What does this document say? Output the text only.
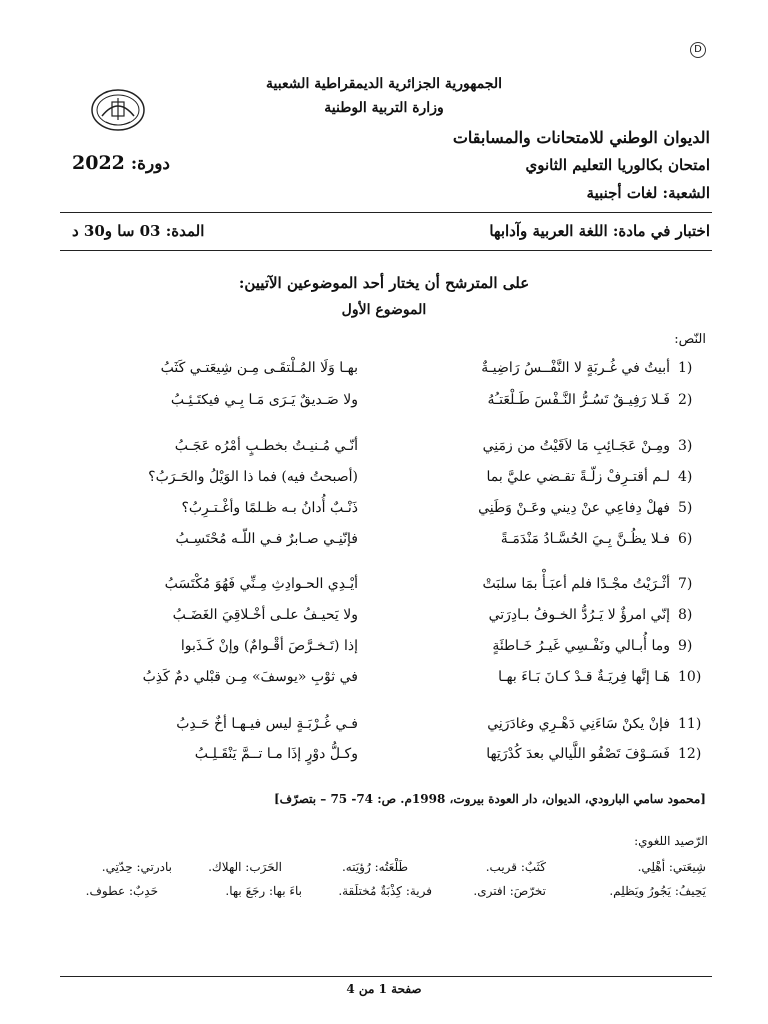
D
الجمهورية الجزائرية الديمقراطية الشعبية
وزارة التربية الوطنية
الديوان الوطني للامتحانات والمسابقات
امتحان بكالوريا التعليم الثانوي
الشعبة: لغات أجنبية
دورة: 2022
اختبار في مادة: اللغة العربية وآدابها
المدة: 03 سا و30 د
على المترشح أن يختار أحد الموضوعين الآتيين:
الموضوع الأول
النّص:
1)
أبيتُ في غُـربَةٍ لا النَّفْــسُ رَاضِيـةٌ
بهـا وَلَا المُـلْتقَـى مِـن شِيعَتـي كَثَبُ
2)
فَـلا رَفِيـقٌ تَسُـرُّ النَّـفْسَ طَـلْعَتـُهُ
ولا صَـديقٌ يَـرَى مَـا بِـي فيكتَـئِـبُ
3)
ومِـنْ عَجَـائِبِ مَا لاَقَيْتُ من زمَنِي
أنّـي مُـنيـتُ بخطـبٍ أمْرُه عَجَـبُ
4)
لـم أقتـرِفْ زلّـةً تقـضي عليَّ بما
(أصبحتُ فيه) فما ذا الوَيْلُ والحَـرَبُ؟
5)
فهلْ دِفاعِي عنْ دِيني وعَـنْ وَطَنِي
ذَنْـبٌ أُدانُ بـه ظـلمًا وأغْـتـرِبُ؟
6)
فـلا يظُـنَّ بِـيَ الحُسَّـادُ مَنْدَمَـةً
فإنّنِـي صـابرٌ فـي اللّـه مُحْتَسِـبُ
7)
أثْـرَيْتُ مجْـدًا فلم أعبَـأْ بمَا سلبَتْ
أيْـدِي الحـوادِثِ مِـنِّي فَهُوَ مُكْتَسَبُ
8)
إنّي امرؤٌ لا يَـرُدُّ الخـوفُ بـادِرَتي
ولا يَحيـفُ علـى أخْـلاقِيَ الغَضَـبُ
9)
وما أُبـالي ونَفْـسِي غَيـرُ خَـاطئَةٍ
إذا (تَـخـرَّصَ أقْـوامٌ) وإنْ كَـذَبوا
10)
هَـا إنَّها فِريَـةٌ قـدْ كـانَ بَـاءَ بهـا
في ثوْبِ «يوسفَ» مِـن قبْلي دمٌ كَذِبُ
11)
فإنْ يكنْ سَاءَنِي دَهْـرِي وغادَرَنِي
فـي غُـرْبَـةٍ ليس فيـهـا أخٌ حَـدِبُ
12)
فَسَـوْفَ تَصْفُو اللَّيالي بعدَ كُدْرَتِها
وكـلُّ دوْرٍ إذَا مـا تــمَّ يَنْقَـلِـبُ
[محمود سامي البارودي، الديوان، دار العودة بيروت، 1998م. ص: 74- 75 – بتصرّف]
الرّصيد اللغوي:
شِيعَتي: أهْلِي.
كَثَبٌ: قريب.
طَلْعَتُه: رُؤيَته.
الحَرَب: الهلاك.
بادرتي: حِدّتِي.
يَحِيفُ: يَجُورُ ويَظلِم.
تخرّصَ: افترى.
فرية: كِذْبَةٌ مُختلَقة.
باءَ بها: رجَعَ بها.
حَدِبٌ: عطوف.
صفحة 1 من 4
